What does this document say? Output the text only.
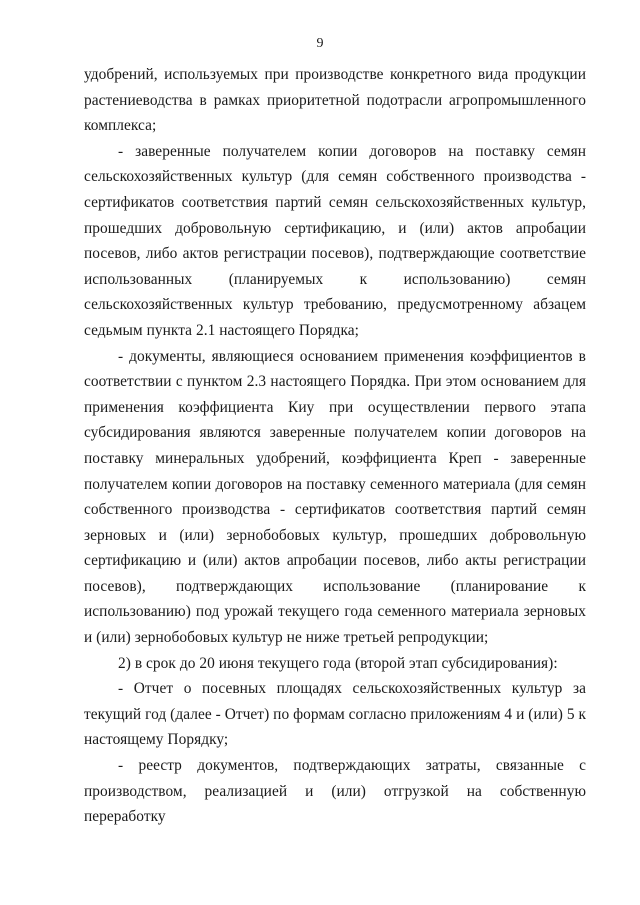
9

удобрений, используемых при производстве конкретного вида продукции растениеводства в рамках приоритетной подотрасли агропромышленного комплекса;

- заверенные получателем копии договоров на поставку семян сельскохозяйственных культур (для семян собственного производства - сертификатов соответствия партий семян сельскохозяйственных культур, прошедших добровольную сертификацию, и (или) актов апробации посевов, либо актов регистрации посевов), подтверждающие соответствие использованных (планируемых к использованию) семян сельскохозяйственных культур требованию, предусмотренному абзацем седьмым пункта 2.1 настоящего Порядка;

- документы, являющиеся основанием применения коэффициентов в соответствии с пунктом 2.3 настоящего Порядка. При этом основанием для применения коэффициента Киу при осуществлении первого этапа субсидирования являются заверенные получателем копии договоров на поставку минеральных удобрений, коэффициента Креп - заверенные получателем копии договоров на поставку семенного материала (для семян собственного производства - сертификатов соответствия партий семян зерновых и (или) зернобобовых культур, прошедших добровольную сертификацию и (или) актов апробации посевов, либо акты регистрации посевов), подтверждающих использование (планирование к использованию) под урожай текущего года семенного материала зерновых и (или) зернобобовых культур не ниже третьей репродукции;

2) в срок до 20 июня текущего года (второй этап субсидирования):

- Отчет о посевных площадях сельскохозяйственных культур за текущий год (далее - Отчет) по формам согласно приложениям 4 и (или) 5 к настоящему Порядку;

- реестр документов, подтверждающих затраты, связанные с производством, реализацией и (или) отгрузкой на собственную переработку
